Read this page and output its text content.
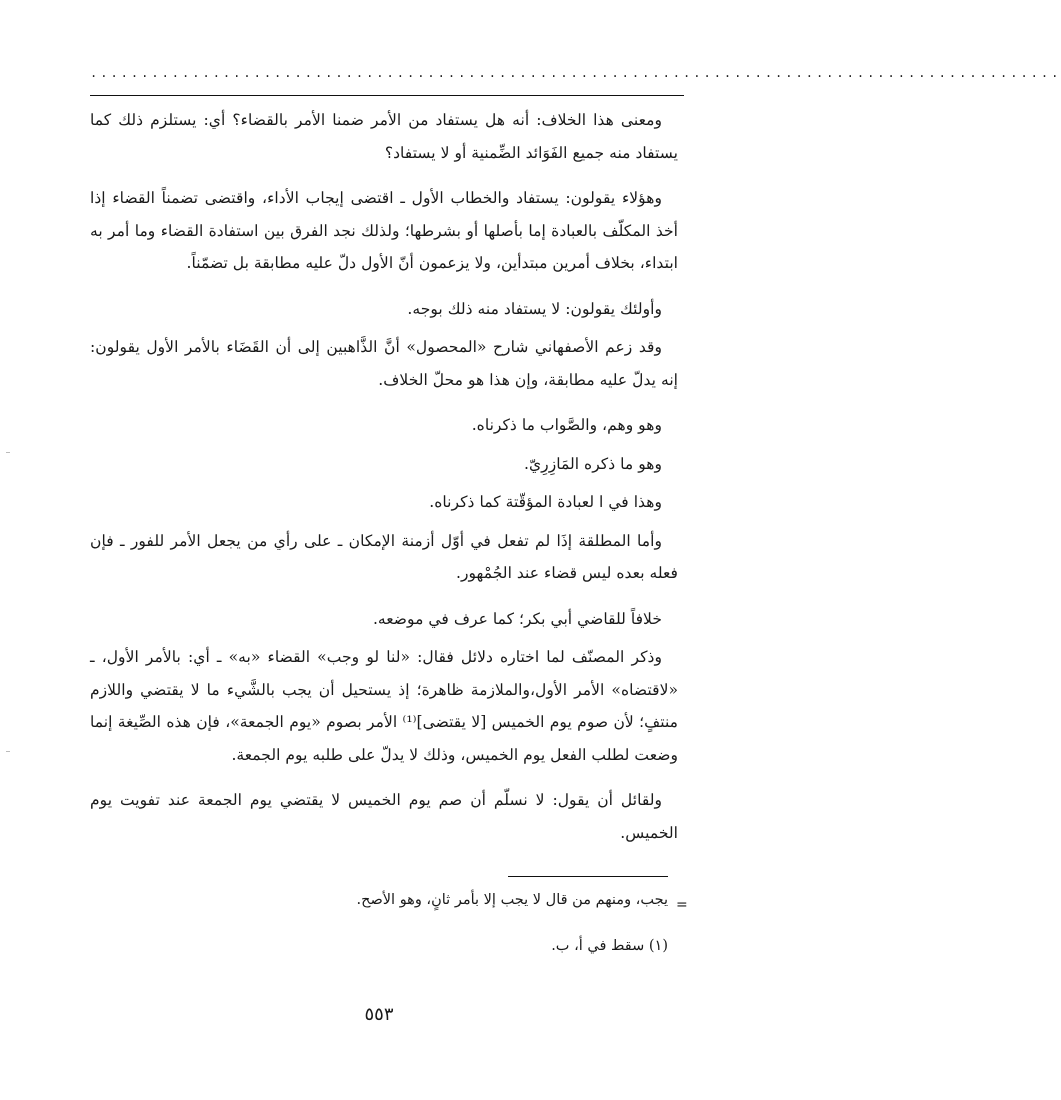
...............................................................................................

ومعنى هذا الخلاف: أنه هل يستفاد من الأمر ضمنا الأمر بالقضاء؟ أي: يستلزم ذلك كما يستفاد منه جميع الفَوَائد الضِّمنية أو لا يستفاد؟

وهؤلاء يقولون: يستفاد والخطاب الأول ـ اقتضى إيجاب الأداء، واقتضى تضمناً القضاء إذا أخذ المكلّف بالعبادة إما بأصلها أو بشرطها؛ ولذلك نجد الفرق بين استفادة القضاء وما أمر به ابتداء، بخلاف أمرين مبتدأين، ولا يزعمون أنّ الأول دلّ عليه مطابقة بل تضمّناً.

وأولئك يقولون: لا يستفاد منه ذلك بوجه.

وقد زعم الأصفهاني شارح «المحصول» أنَّ الذَّاهبين إلى أن القَضَاء بالأمر الأول يقولون: إنه يدلّ عليه مطابقة، وإن هذا هو محلّ الخلاف.

وهو وهم، والصَّواب ما ذكرناه.

وهو ما ذكره المَازِرِيّ.

وهذا في ا لعبادة المؤقّتة كما ذكرناه.

وأما المطلقة إذَا لم تفعل في أوّل أزمنة الإمكان ـ على رأي من يجعل الأمر للفور ـ فإن فعله بعده ليس قضاء عند الجُمْهور.

خلافاً للقاضي أبي بكر؛ كما عرف في موضعه.

وذكر المصنّف لما اختاره دلائل فقال: «لنا لو وجب» القضاء «به» ـ أي: بالأمر الأول، ـ «لاقتضاه» الأمر الأول،والملازمة ظاهرة؛ إذ يستحيل أن يجب بالشَّيء ما لا يقتضي واللازم منتفٍ؛ لأن صوم يوم الخميس [لا يقتضى]⁽¹⁾ الأمر بصوم «يوم الجمعة»، فإن هذه الصِّيغة إنما وضعت لطلب الفعل يوم الخميس، وذلك لا يدلّ على طلبه يوم الجمعة.

ولقائل أن يقول: لا نسلّم أن صم يوم الخميس لا يقتضي يوم الجمعة عند تفويت يوم الخميس.

=
يجب، ومنهم من قال لا يجب إلا بأمر ثانٍ، وهو الأصح.
(١) سقط في أ، ب.
٥٥٣
